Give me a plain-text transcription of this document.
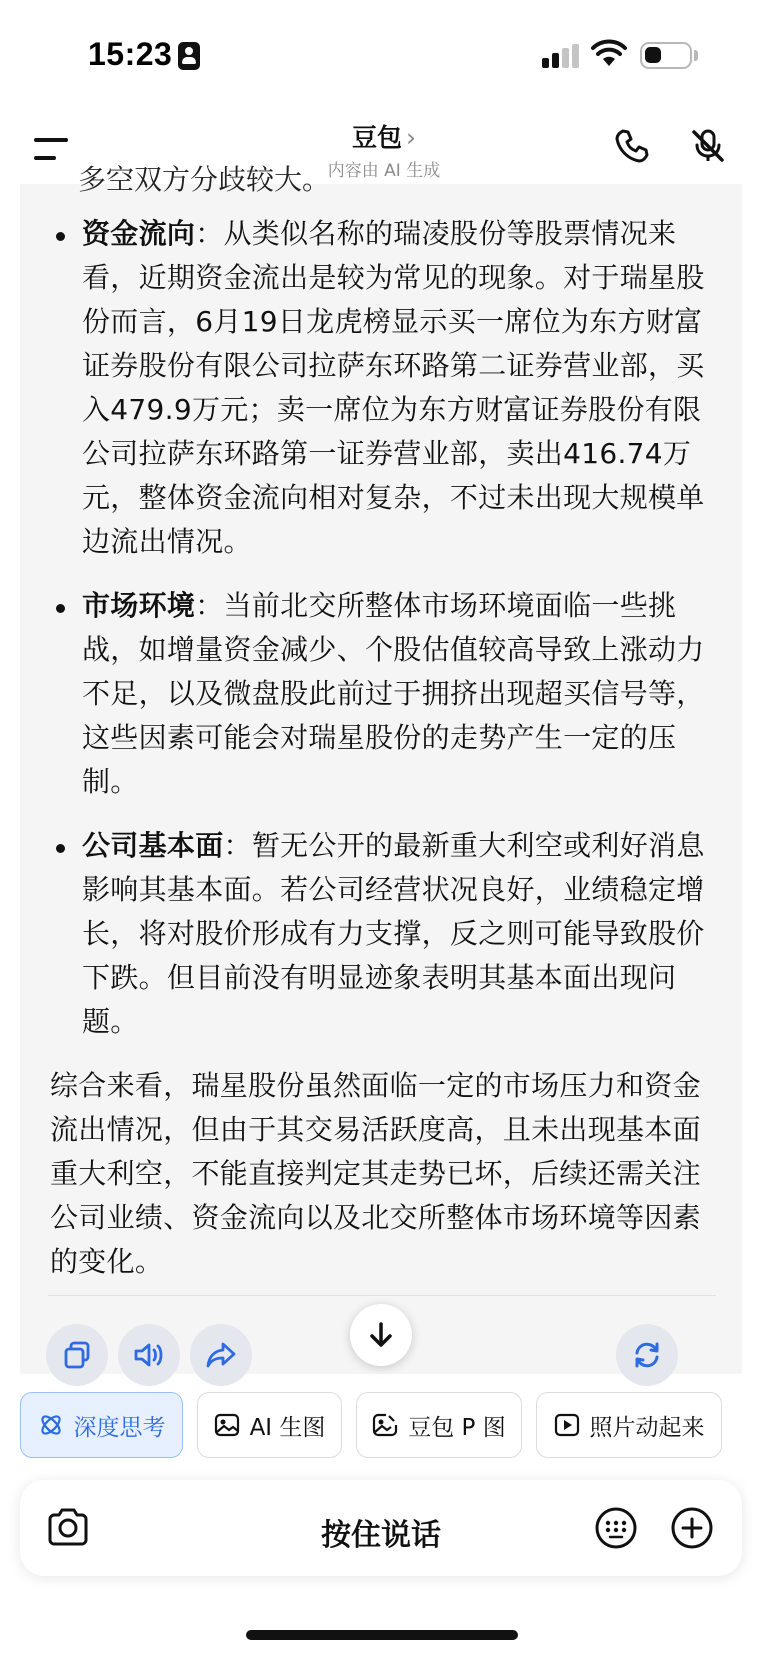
15:23
豆包 ›
内容由 AI 生成
多空双方分歧较大。
资金流向：从类似名称的瑞凌股份等股票情况来看，近期资金流出是较为常见的现象。对于瑞星股份而言，6月19日龙虎榜显示买一席位为东方财富证券股份有限公司拉萨东环路第二证券营业部，买入479.9万元；卖一席位为东方财富证券股份有限公司拉萨东环路第一证券营业部，卖出416.74万元，整体资金流向相对复杂，不过未出现大规模单边流出情况。
市场环境：当前北交所整体市场环境面临一些挑战，如增量资金减少、个股估值较高导致上涨动力不足，以及微盘股此前过于拥挤出现超买信号等，这些因素可能会对瑞星股份的走势产生一定的压制。
公司基本面：暂无公开的最新重大利空或利好消息影响其基本面。若公司经营状况良好，业绩稳定增长，将对股价形成有力支撑，反之则可能导致股价下跌。但目前没有明显迹象表明其基本面出现问题。
综合来看，瑞星股份虽然面临一定的市场压力和资金流出情况，但由于其交易活跃度高，且未出现基本面重大利空，不能直接判定其走势已坏，后续还需关注公司业绩、资金流向以及北交所整体市场环境等因素的变化。
深度思考	AI 生图	豆包 P 图	照片动起来
按住说话
